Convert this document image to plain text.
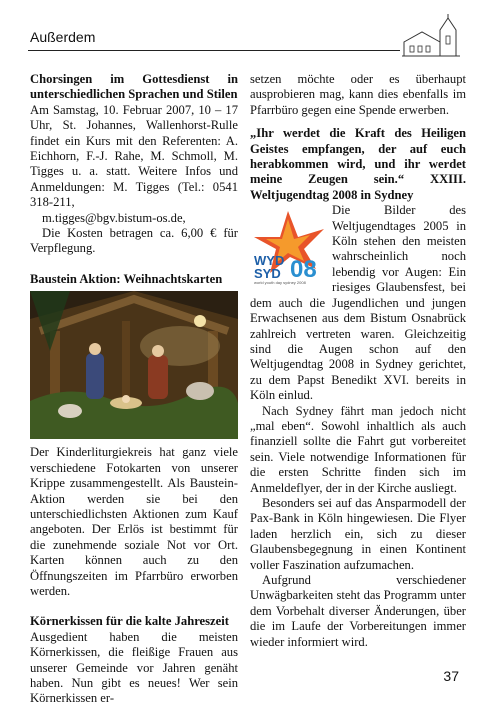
Außerdem
Chorsingen im Gottesdienst in unterschiedlichen Sprachen und Stilen

Am Samstag, 10. Februar 2007, 10 – 17 Uhr, St. Johannes, Wallenhorst-Rulle findet ein Kurs mit den Referenten: A. Eichhorn, F.-J. Rahe, M. Schmoll, M. Tigges u. a. statt. Weitere Infos und Anmeldungen: M. Tigges (Tel.: 0541 318-211,

m.tigges@bgv.bistum-os.de,

Die Kosten betragen ca. 6,00 € für Verpflegung.

Baustein Aktion: Weihnachtskarten

Der Kinderliturgiekreis hat ganz viele verschiedene Fotokarten von unserer Krippe zusammengestellt. Als Baustein-Aktion werden sie bei den unterschiedlichsten Aktionen zum Kauf angeboten. Der Erlös ist bestimmt für die zunehmende soziale Not vor Ort. Karten können auch zu den Öffnungszeiten im Pfarrbüro erworben werden.

Körnerkissen für die kalte Jahreszeit

Ausgedient haben die meisten Körnerkissen, die fleißige Frauen aus unserer Gemeinde vor Jahren genäht haben. Nun gibt es neues! Wer sein Körnerkissen er-

setzen möchte oder es überhaupt ausprobieren mag, kann dies ebenfalls im Pfarrbüro gegen eine Spende erwerben.

„Ihr werdet die Kraft des Heiligen Geistes empfangen, der auf euch herabkommen wird, und ihr werdet meine Zeugen sein.“ XXIII. Weltjugendtag 2008 in Sydney

WYD
SYD 08
world youth day sydney 2008

Die Bilder des Weltjugendtages 2005 in Köln stehen den meisten wahrscheinlich noch lebendig vor Augen: Ein riesiges Glaubensfest, bei dem auch die Jugendlichen und jungen Erwachsenen aus dem Bistum Osnabrück zahlreich vertreten waren. Gleichzeitig sind die Augen schon auf den Weltjugendtag 2008 in Sydney gerichtet, zu dem Papst Benedikt XVI. bereits in Köln einlud.

Nach Sydney fährt man jedoch nicht „mal eben“. Sowohl inhaltlich als auch finanziell sollte die Fahrt gut vorbereitet sein. Viele notwendige Informationen für die ersten Schritte finden sich im Anmeldeflyer, der in der Kirche ausliegt.

Besonders sei auf das Ansparmodell der Pax-Bank in Köln hingewiesen. Die Flyer laden herzlich ein, sich zu dieser Glaubensbegegnung in einen Kontinent voller Faszination aufzumachen.

Aufgrund verschiedener Unwägbarkeiten steht das Programm unter dem Vorbehalt diverser Änderungen, über die im Laufe der Vorbereitungen immer wieder informiert wird.

37
